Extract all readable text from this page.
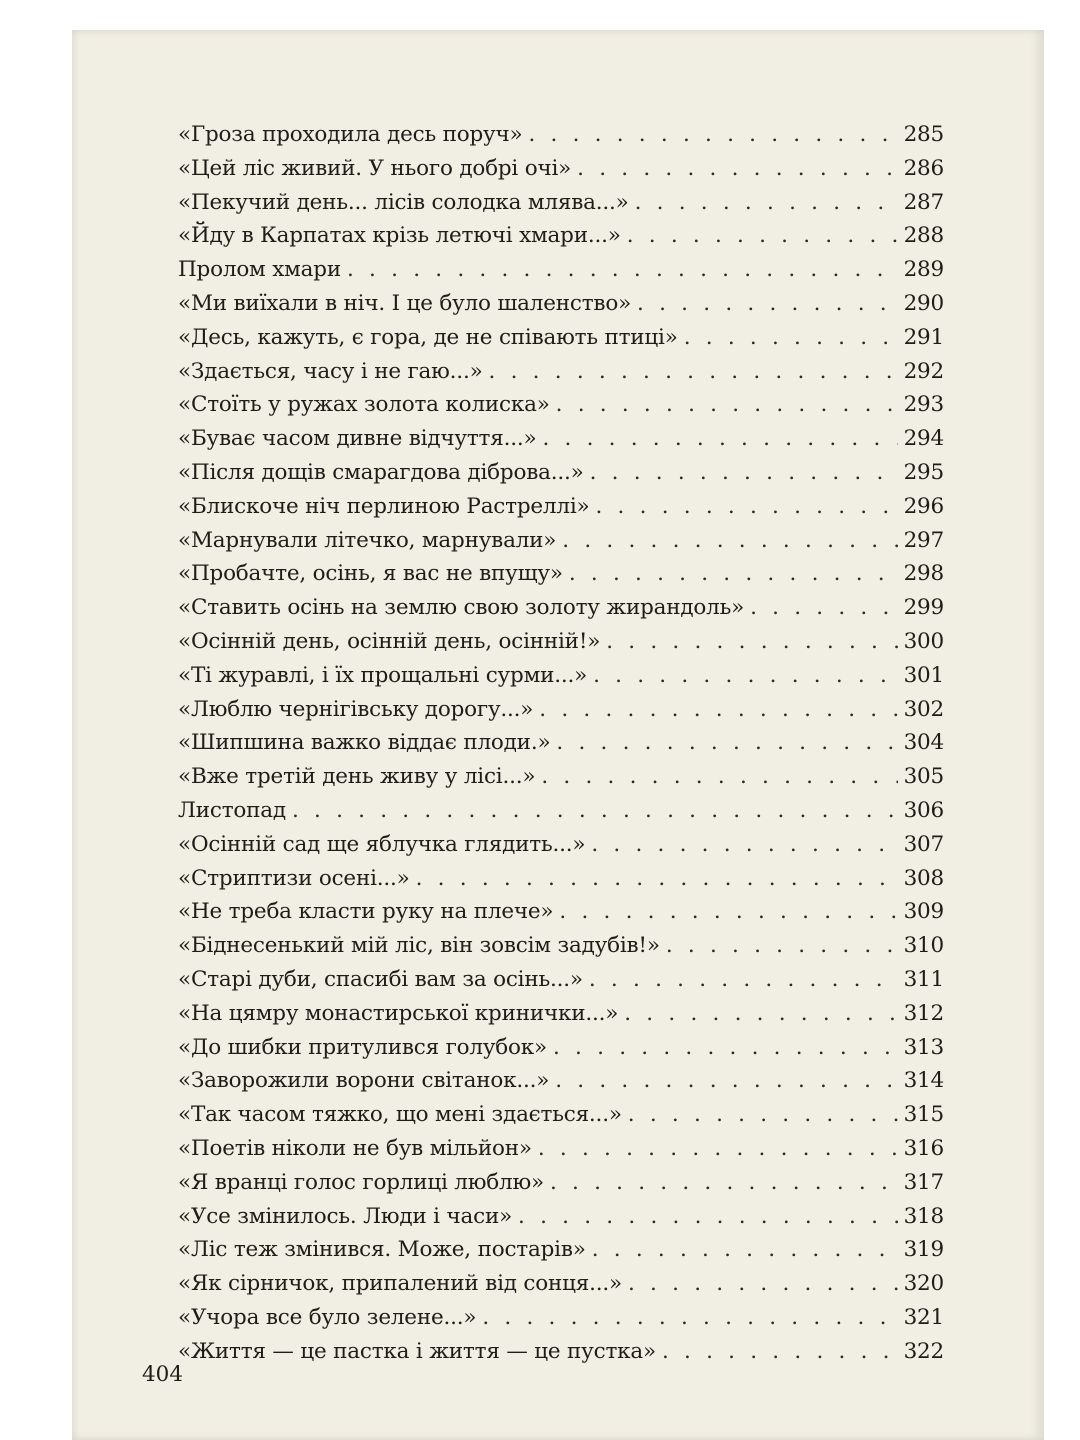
«Гроза проходила десь поруч» . . .	285
«Цей ліс живий. У нього добрі очі» . . .	286
«Пекучий день... лісів солодка млява...» . . .	287
«Йду в Карпатах крізь летючі хмари...» . . .	288
Пролом хмари . . .	289
«Ми виїхали в ніч. І це було шаленство» . . .	290
«Десь, кажуть, є гора, де не співають птиці» . . .	291
«Здається, часу і не гаю...» . . .	292
«Стоїть у ружах золота колиска» . . .	293
«Буває часом дивне відчуття...» . . .	294
«Після дощів смарагдова діброва...» . . .	295
«Блискоче ніч перлиною Растреллі» . . .	296
«Марнували літечко, марнували» . . .	297
«Пробачте, осінь, я вас не впущу» . . .	298
«Ставить осінь на землю свою золоту жирандоль» . . .	299
«Осінній день, осінній день, осінній!» . . .	300
«Ті журавлі, і їх прощальні сурми...» . . .	301
«Люблю чернігівську дорогу...» . . .	302
«Шипшина важко віддає плоди.» . . .	304
«Вже третій день живу у лісі...» . . .	305
Листопад . . .	306
«Осінній сад ще яблучка глядить...» . . .	307
«Стриптизи осені...» . . .	308
«Не треба класти руку на плече» . . .	309
«Біднесенький мій ліс, він зовсім задубів!» . . .	310
«Старі дуби, спасибі вам за осінь...» . . .	311
«На цямру монастирської кринички...» . . .	312
«До шибки притулився голубок» . . .	313
«Заворожили ворони світанок...» . . .	314
«Так часом тяжко, що мені здається...» . . .	315
«Поетів ніколи не був мільйон» . . .	316
«Я вранці голос горлиці люблю» . . .	317
«Усе змінилось. Люди і часи» . . .	318
«Ліс теж змінився. Може, постарів» . . .	319
«Як сірничок, припалений від сонця...» . . .	320
«Учора все було зелене...» . . .	321
«Життя — це пастка і життя — це пустка» . . .	322
404
